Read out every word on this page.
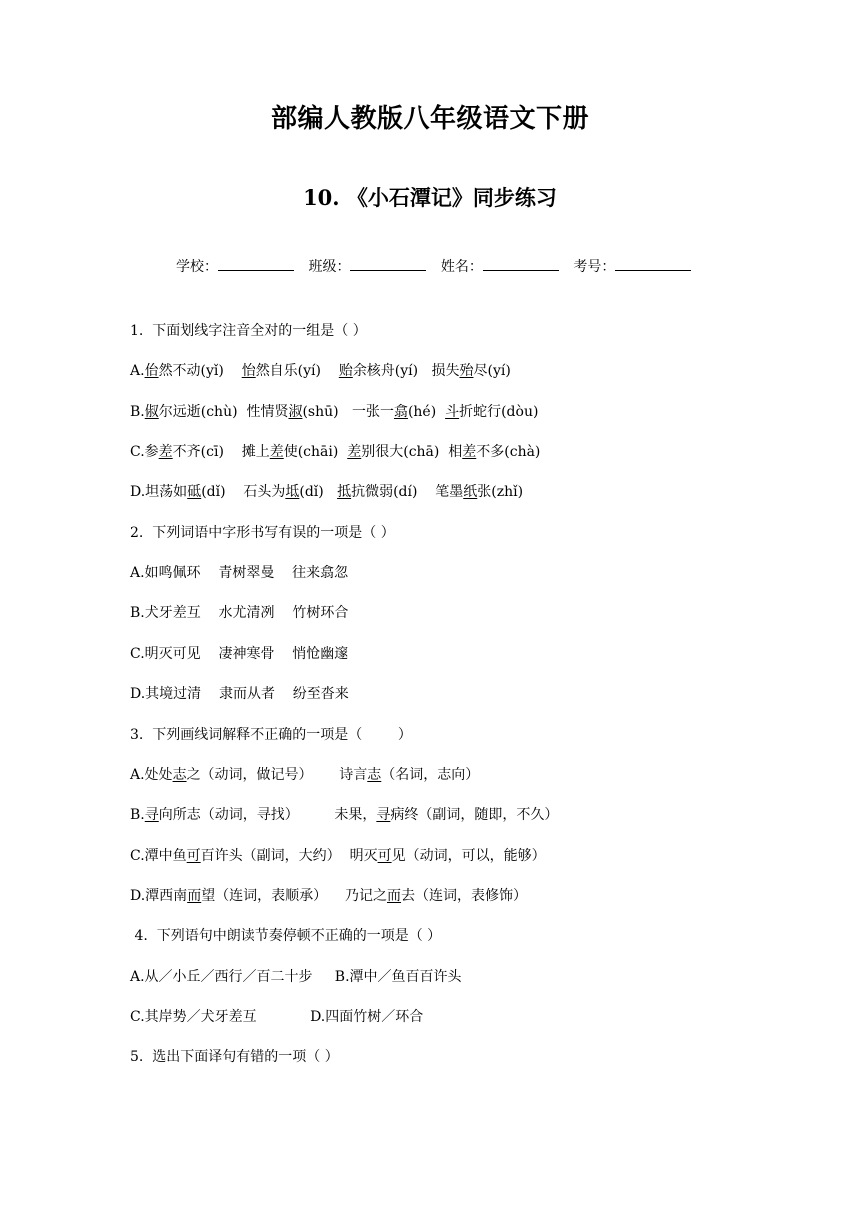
部编人教版八年级语文下册
10. 《小石潭记》同步练习
学校：	班级：	姓名：	考号：
1.  下面划线字注音全对的一组是（ ）
A.佁然不动(yǐ)    怡然自乐(yí)    贻余核舟(yí)   损失殆尽(yí)
B.俶尔远逝(chù)  性情贤淑(shū)   一张一翕(hé)  斗折蛇行(dòu)
C.参差不齐(cī)    摊上差使(chāi)  差别很大(chā)  相差不多(chà)
D.坦荡如砥(dǐ)    石头为坻(dǐ)   抵抗微弱(dí)    笔墨纸张(zhǐ)
2.  下列词语中字形书写有误的一项是（ ）
A.如鸣佩环    青树翠曼    往来翕忽
B.犬牙差互    水尤清冽    竹树环合
C.明灭可见    凄神寒骨    悄怆幽邃
D.其境过清    隶而从者    纷至沓来
3.  下列画线词解释不正确的一项是（        ）
A.处处志之（动词，做记号）      诗言志（名词，志向）
B.寻向所志（动词，寻找）        未果，寻病终（副词，随即，不久）
C.潭中鱼可百许头（副词，大约）  明灭可见（动词，可以，能够）
D.潭西南而望（连词，表顺承）    乃记之而去（连词，表修饰）
4.  下列语句中朗读节奏停顿不正确的一项是（ ）
A.从／小丘／西行／百二十步     B.潭中／鱼百百许头
C.其岸势／犬牙差互            D.四面竹树／环合
5.  选出下面译句有错的一项（ ）
